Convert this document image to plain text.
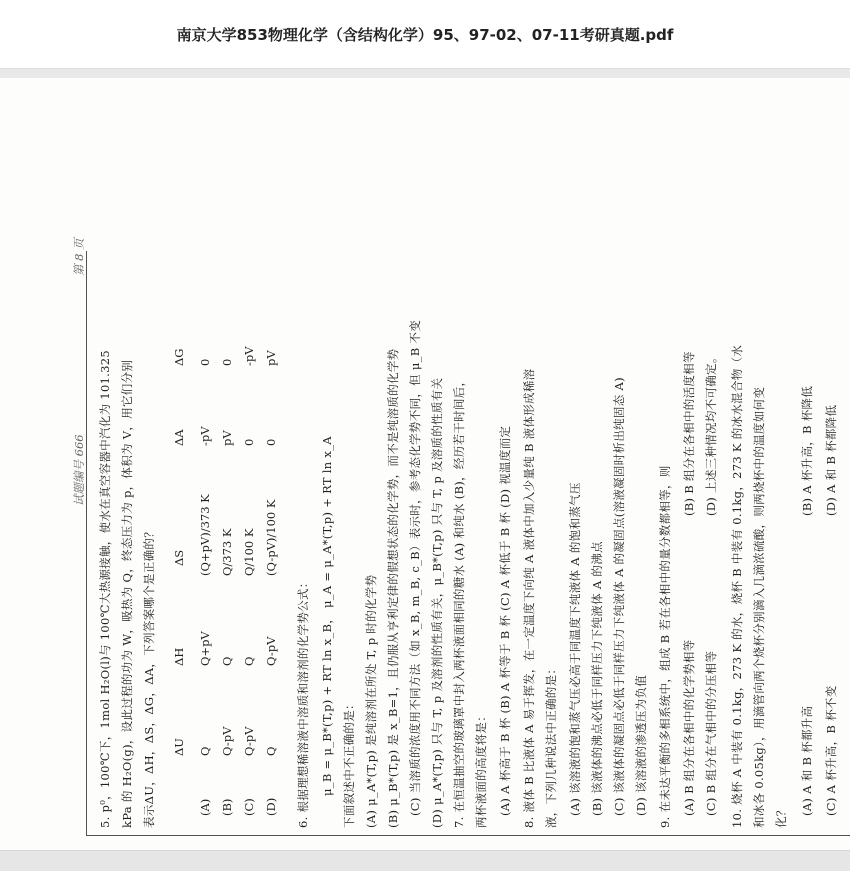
南京大学853物理化学（含结构化学）95、97-02、07-11考研真题.pdf
试题编号 666
第 8 页
5. p⁰，100℃下，1mol H₂O(l)与 100℃大热源接触，使水在真空容器中汽化为 101.325 kPa 的 H₂O(g)，设此过程的功为 W，吸热为 Q，终态压力为 p，体积为 V，用它们分别 表示ΔU，ΔH，ΔS，ΔG，ΔA，下列答案哪个是正确的？ ΔU
ΔH
ΔS
ΔA
ΔG
(A)
Q
Q+pV
(Q+pV)/373 K
-pV
0
(B)
Q-pV
Q
Q/373 K
pV
0
(C)
Q-pV
Q
Q/100 K
0
-pV
(D)
Q
Q-pV
(Q-pV)/100 K
0
pV
6. 根据理想稀溶液中溶质和溶剂的化学势公式： μ_B = μ_B*(T,p) + RT ln x_B， μ_A = μ_A*(T,p) + RT ln x_A 下面叙述中不正确的是： (A) μ_A*(T,p) 是纯溶剂在所处 T, p 时的化学势 (B) μ_B*(T,p) 是 x_B=1，且仍服从亨利定律的假想状态的化学势，而不是纯溶质的化学势 (C) 当溶质的浓度用不同方法（如 x_B, m_B, c_B）表示时，参考态化学势不同，但 μ_B 不变 (D) μ_A*(T,p) 只与 T, p 及溶剂的性质有关，μ_B*(T,p) 只与 T, p 及溶质的性质有关 7. 在恒温抽空的玻璃罩中封入两杯液面相同的糖水 (A) 和纯水 (B)，经历若干时间后， 两杯液面的高度将是： (A) A 杯高于 B 杯 (B) A 杯等于 B 杯 (C) A 杯低于 B 杯 (D) 视温度而定 8. 液体 B 比液体 A 易于挥发，在一定温度下向纯 A 液体中加入少量纯 B 液体形成稀溶 液，下列几种说法中正确的是： (A) 该溶液的饱和蒸气压必高于同温度下纯液体 A 的饱和蒸气压 (B) 该液体的沸点必低于同样压力下纯液体 A 的沸点 (C) 该液体的凝固点必低于同样压力下纯液体 A 的凝固点(溶液凝固时析出纯固态 A) (D) 该溶液的渗透压为负值 9. 在未达平衡的多相系统中，组成 B 若在各相中的量分数都相等，则 (A) B 组分在各相中的化学势相等
(B) B 组分在各相中的活度相等
(C) B 组分在气相中的分压相等
(D) 上述三种情况均不可确定。 10. 烧杯 A 中装有 0.1kg，273 K 的水，烧杯 B 中装有 0.1kg，273 K 的冰水混合物（水 和冰各 0.05kg），用滴管向两个烧杯分别滴入几滴浓硫酸，则两烧杯中的温度如何变 化？
(A) A 和 B 杯都升高
(B) A 杯升高，B 杯降低
(C) A 杯升高，B 杯不变
(D) A 和 B 杯都降低
